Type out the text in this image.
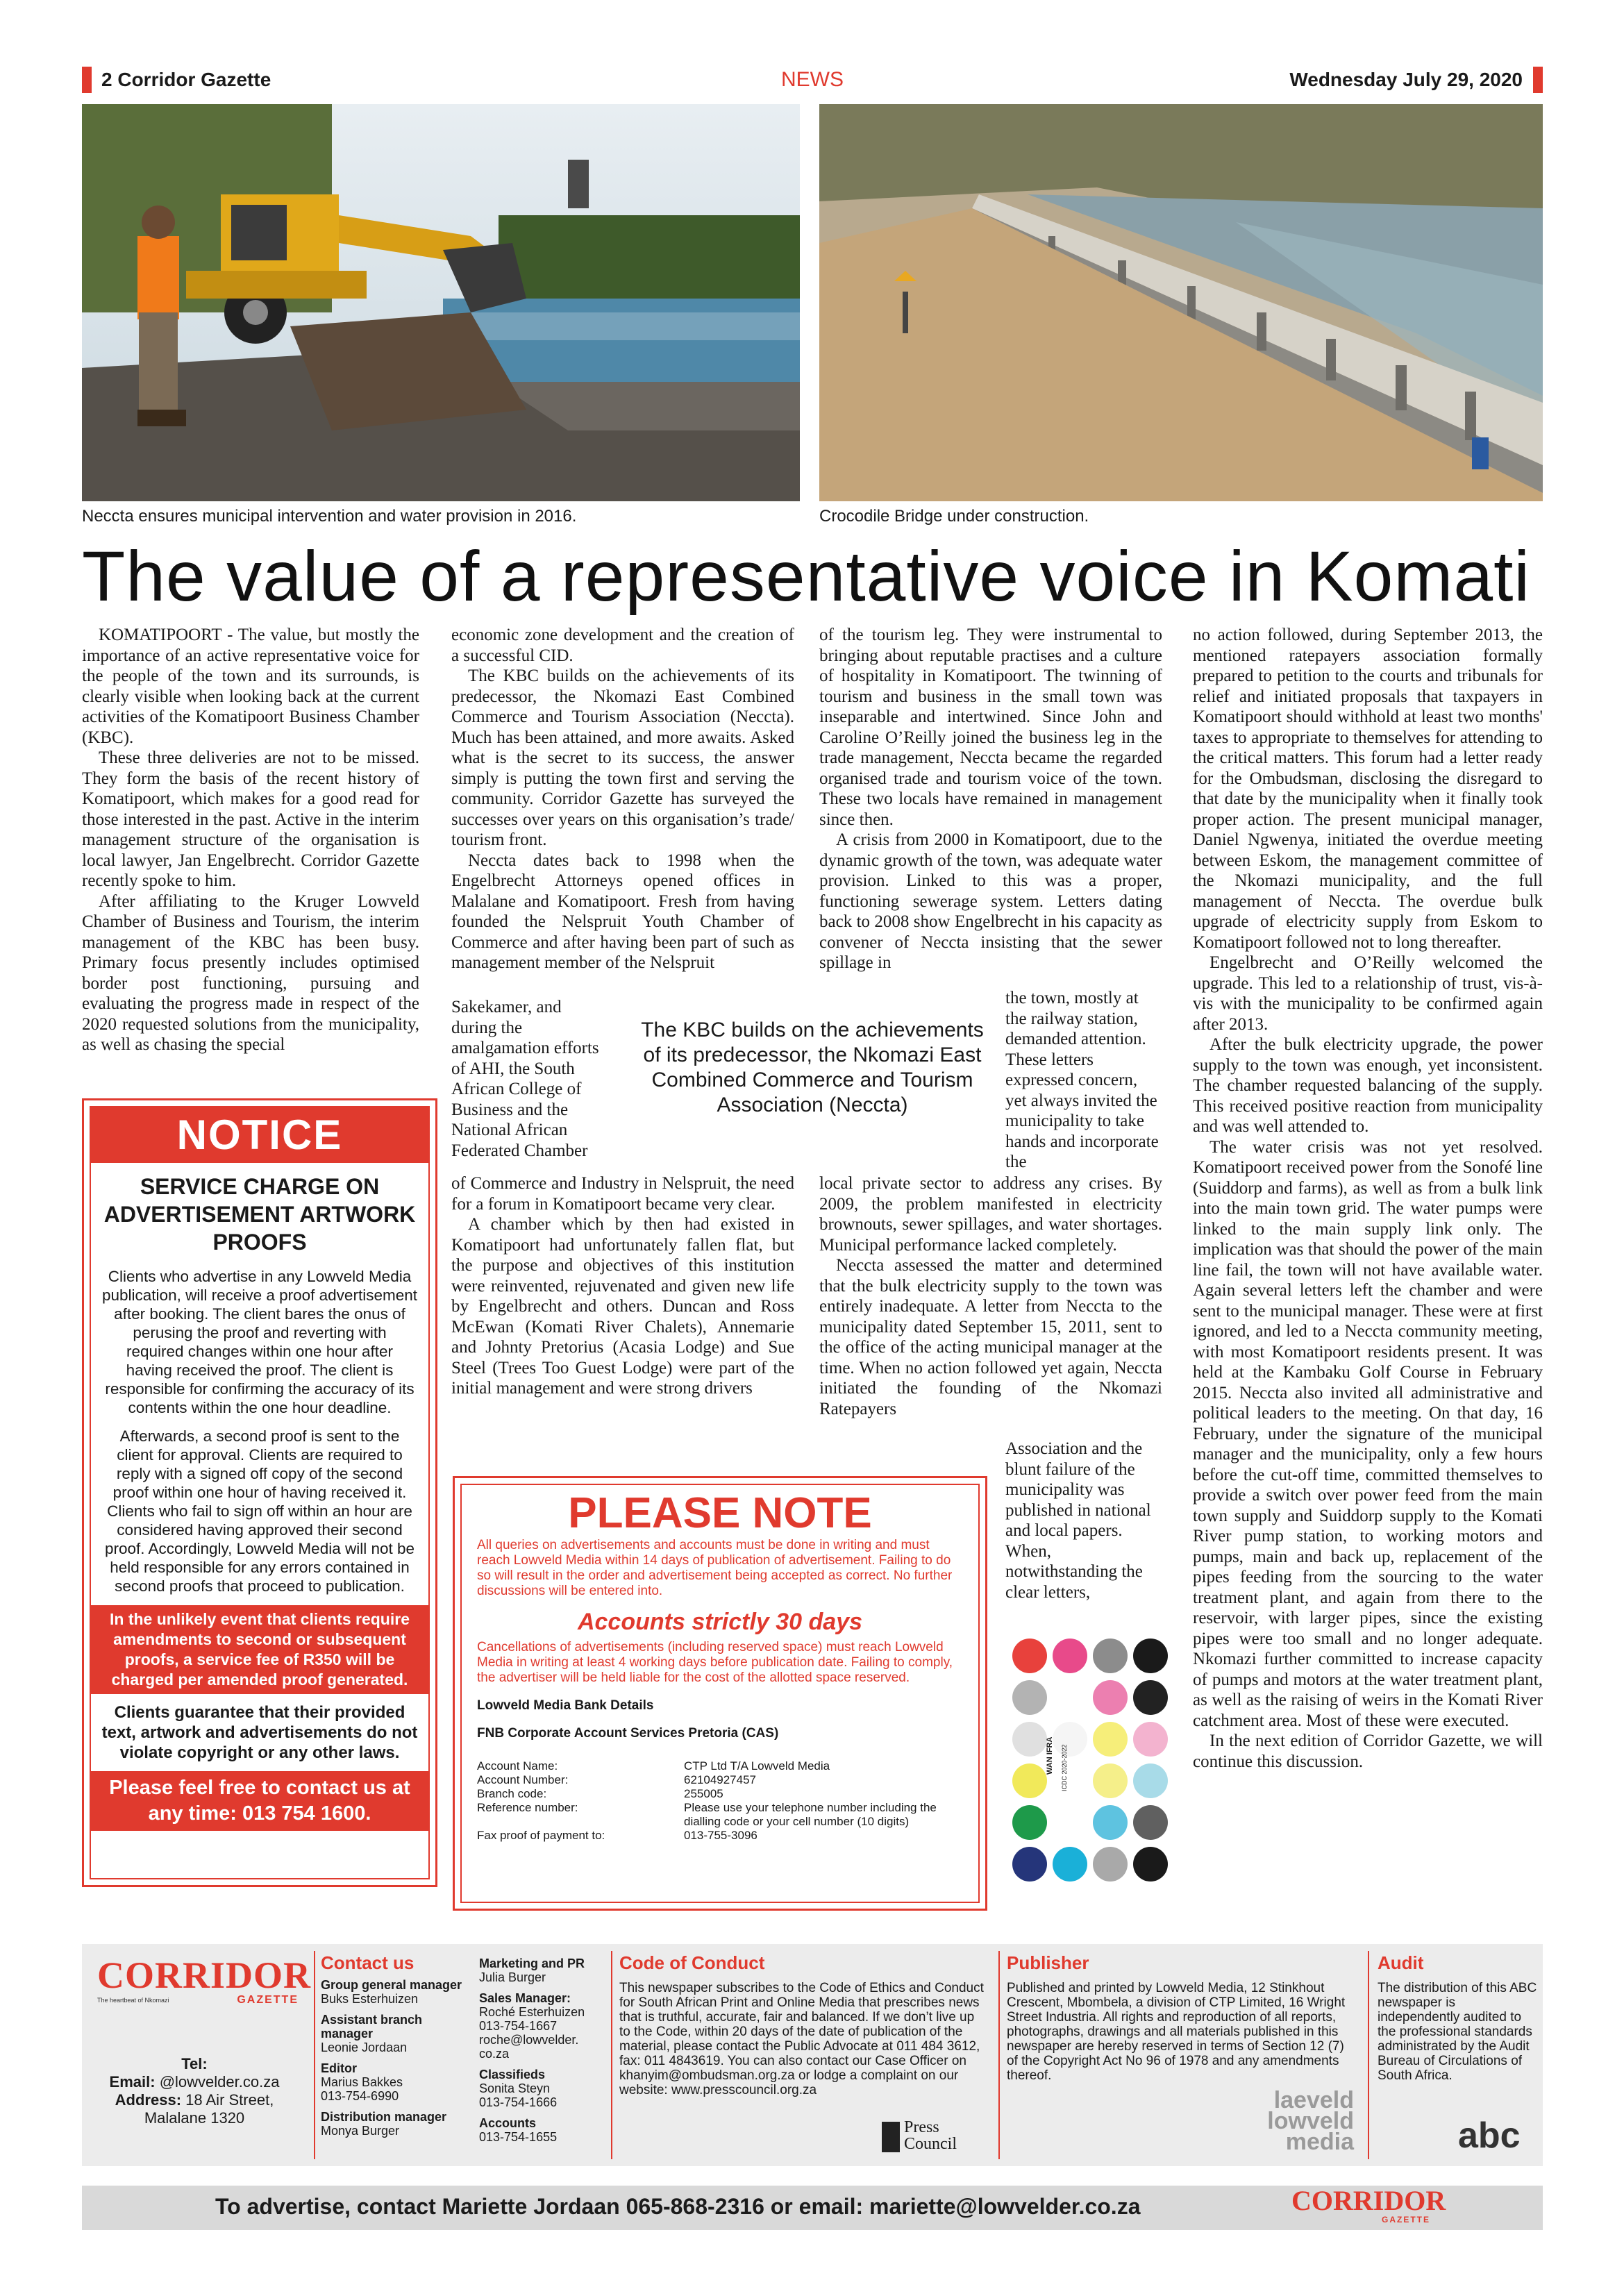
2 Corridor Gazette	NEWS	Wednesday July 29, 2020
Neccta ensures municipal intervention and water provision in 2016.	Crocodile Bridge under construction.
The value of a representative voice in Komati

KOMATIPOORT - The value, but mostly the importance of an active representative voice for the people of the town and its surrounds, is clearly visible when looking back at the current activities of the Komatipoort Business Chamber (KBC).

These three deliveries are not to be missed. They form the basis of the recent history of Komatipoort, which makes for a good read for those interested in the past. Active in the interim management structure of the organisation is local lawyer, Jan Engelbrecht. Corridor Gazette recently spoke to him.

After affiliating to the Kruger Lowveld Chamber of Business and Tourism, the interim management of the KBC has been busy. Primary focus presently includes optimised border post functioning, pursuing and evaluating the progress made in respect of the 2020 requested solutions from the municipality, as well as chasing the special

economic zone development and the creation of a successful CID.

The KBC builds on the achievements of its predecessor, the Nkomazi East Combined Commerce and Tourism Association (Neccta). Much has been attained, and more awaits. Asked what is the secret to its success, the answer simply is putting the town first and serving the community. Corridor Gazette has surveyed the successes over years on this organisation’s trade/ tourism front.

Neccta dates back to 1998 when the Engelbrecht Attorneys opened offices in Malalane and Komatipoort. Fresh from having founded the Nelspruit Youth Chamber of Commerce and after having been part of such as management member of the Nelspruit

Sakekamer, and during the amalgamation efforts of AHI, the South African College of Business and the National African Federated Chamber

of Commerce and Industry in Nelspruit, the need for a forum in Komatipoort became very clear.

A chamber which by then had existed in Komatipoort had unfortunately fallen flat, but the purpose and objectives of this institution were reinvented, rejuvenated and given new life by Engelbrecht and others. Duncan and Ross McEwan (Komati River Chalets), Annemarie and Johnty Pretorius (Acasia Lodge) and Sue Steel (Trees Too Guest Lodge) were part of the initial management and were strong drivers

The KBC builds on the achievements of its predecessor, the Nkomazi East Combined Commerce and Tourism Association (Neccta)

of the tourism leg. They were instrumental to bringing about reputable practises and a culture of hospitality in Komatipoort. The twinning of tourism and business in the small town was inseparable and intertwined. Since John and Caroline O’Reilly joined the business leg in the trade management, Neccta became the regarded organised trade and tourism voice of the town. These two locals have remained in management since then.

A crisis from 2000 in Komatipoort, due to the dynamic growth of the town, was adequate water provision. Linked to this was a proper, functioning sewerage system. Letters dating back to 2008 show Engelbrecht in his capacity as convener of Neccta insisting that the sewer spillage in

the town, mostly at the railway station, demanded attention. These letters expressed concern, yet always invited the municipality to take hands and incorporate the

local private sector to address any crises. By 2009, the problem manifested in electricity brownouts, sewer spillages, and water shortages. Municipal performance lacked completely.

Neccta assessed the matter and determined that the bulk electricity supply to the town was entirely inadequate. A letter from Neccta to the municipality dated September 15, 2011, sent to the office of the acting municipal manager at the time. When no action followed yet again, Neccta initiated the founding of the Nkomazi Ratepayers

Association and the blunt failure of the municipality was published in national and local papers. When, notwithstanding the clear letters,

no action followed, during September 2013, the mentioned ratepayers association formally prepared to petition to the courts and tribunals for relief and initiated proposals that taxpayers in Komatipoort should withhold at least two months' taxes to appropriate to themselves for attending to the critical matters. This forum had a letter ready for the Ombudsman, disclosing the disregard to that date by the municipality when it finally took proper action. The present municipal manager, Daniel Ngwenya, initiated the overdue meeting between Eskom, the management committee of the Nkomazi municipality, and the full management of Neccta. The overdue bulk upgrade of electricity supply from Eskom to Komatipoort followed not to long thereafter.

Engelbrecht and O’Reilly welcomed the upgrade. This led to a relationship of trust, vis-à-vis with the municipality to be confirmed again after 2013.

After the bulk electricity upgrade, the power supply to the town was enough, yet inconsistent. The chamber requested balancing of the supply. This received positive reaction from municipality and was well attended to.

The water crisis was not yet resolved. Komatipoort received power from the Sonofé line (Suiddorp and farms), as well as from a bulk link into the main town grid. The water pumps were linked to the main supply link only. The implication was that should the power of the main line fail, the town will not have available water. Again several letters left the chamber and were sent to the municipal manager. These were at first ignored, and led to a Neccta community meeting, with most Komatipoort residents present. It was held at the Kambaku Golf Course in February 2015. Neccta also invited all administrative and political leaders to the meeting. On that day, 16 February, under the signature of the municipal manager and the municipality, only a few hours before the cut-off time, committed themselves to provide a switch over power feed from the main town supply and Suiddorp supply to the Komati River pump station, to working motors and pumps, main and back up, replacement of the pipes feeding from the sourcing to the water treatment plant, and again from there to the reservoir, with larger pipes, since the existing pipes were too small and no longer adequate. Nkomazi further committed to increase capacity of pumps and motors at the water treatment plant, as well as the raising of weirs in the Komati River catchment area. Most of these were executed.

In the next edition of Corridor Gazette, we will continue this discussion.

NOTICE
SERVICE CHARGE ON ADVERTISEMENT ARTWORK PROOFS
Clients who advertise in any Lowveld Media publication, will receive a proof advertisement after booking. The client bares the onus of perusing the proof and reverting with required changes within one hour after having received the proof. The client is responsible for confirming the accuracy of its contents within the one hour deadline.
Afterwards, a second proof is sent to the client for approval. Clients are required to reply with a signed off copy of the second proof within one hour of having received it. Clients who fail to sign off within an hour are considered having approved their second proof. Accordingly, Lowveld Media will not be held responsible for any errors contained in second proofs that proceed to publication.
In the unlikely event that clients require amendments to second or subsequent proofs, a service fee of R350 will be charged per amended proof generated.
Clients guarantee that their provided text, artwork and advertisements do not violate copyright or any other laws.
Please feel free to contact us at any time: 013 754 1600.
PLEASE NOTE
All queries on advertisements and accounts must be done in writing and must reach Lowveld Media within 14 days of publication of advertisement. Failing to do so will result in the order and advertisement being accepted as correct. No further discussions will be entered into.
Accounts strictly 30 days
Cancellations of advertisements (including reserved space) must reach Lowveld Media in writing at least 4 working days before publication date. Failing to comply, the advertiser will be held liable for the cost of the allotted space reserved.
Lowveld Media Bank Details
FNB Corporate Account Services Pretoria (CAS)
Account Name:	CTP Ltd T/A Lowveld Media
Account Number:	62104927457
Branch code:	255005
Reference number:	Please use your telephone number including the dialling code or your cell number (10 digits)
Fax proof of payment to:	013-755-3096
WAN IFRA ICDC 2020-2022
CORRIDOR
The heartbeat of Nkomazi	GAZETTE
Tel:
Email: @lowvelder.co.za
Address: 18 Air Street, Malalane 1320
Contact us
Group general manager
Buks Esterhuizen
Assistant branch manager
Leonie Jordaan
Editor
Marius Bakkes
013-754-6990
Distribution manager
Monya Burger
Marketing and PR
Julia Burger
Sales Manager:
Roché Esterhuizen
013-754-1667
roche@lowvelder. co.za
Classifieds
Sonita Steyn
013-754-1666
Accounts
013-754-1655
Code of Conduct
This newspaper subscribes to the Code of Ethics and Conduct for South African Print and Online Media that prescribes news that is truthful, accurate, fair and balanced. If we don’t live up to the Code, within 20 days of the date of publication of the material, please contact the Public Advocate at 011 484 3612, fax: 011 4843619. You can also contact our Case Officer on khanyim@ombudsman.org.za or lodge a complaint on our website: www.presscouncil.org.za
Press Council
Publisher
Published and printed by Lowveld Media, 12 Stinkhout Crescent, Mbombela, a division of CTP Limited, 16 Wright Street Industria. All rights and reproduction of all reports, photographs, drawings and all materials published in this newspaper are hereby reserved in terms of Section 12 (7) of the Copyright Act No 96 of 1978 and any amendments thereof.
laeveld lowveld media
Audit
The distribution of this ABC newspaper is independently audited to the professional standards administrated by the Audit Bureau of Circulations of South Africa.
abc
To advertise, contact Mariette Jordaan 065-868-2316 or email: mariette@lowvelder.co.za	CORRIDOR
GAZETTE
